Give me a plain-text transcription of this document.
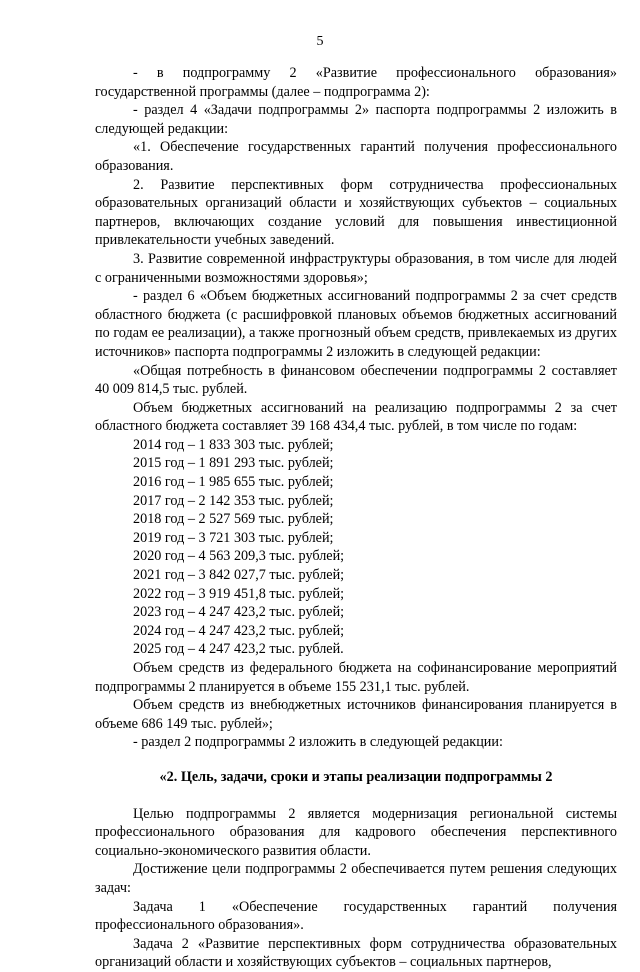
5

- в подпрограмму 2 «Развитие профессионального образования» государственной программы (далее – подпрограмма 2):

- раздел 4 «Задачи подпрограммы 2» паспорта подпрограммы 2 изложить в следующей редакции:

«1. Обеспечение государственных гарантий получения профессионального образования.

2. Развитие перспективных форм сотрудничества профессиональных образовательных организаций области и хозяйствующих субъектов – социальных партнеров, включающих создание условий для повышения инвестиционной привлекательности учебных заведений.

3. Развитие современной инфраструктуры образования, в том числе для людей с ограниченными возможностями здоровья»;

- раздел 6 «Объем бюджетных ассигнований подпрограммы 2 за счет средств областного бюджета (с расшифровкой плановых объемов бюджетных ассигнований по годам ее реализации), а также прогнозный объем средств, привлекаемых из других источников» паспорта подпрограммы 2 изложить в следующей редакции:

«Общая потребность в финансовом обеспечении подпрограммы 2 составляет 40 009 814,5 тыс. рублей.

Объем бюджетных ассигнований на реализацию подпрограммы 2 за счет областного бюджета составляет 39 168 434,4 тыс. рублей, в том числе по годам:

2014 год – 1 833 303 тыс. рублей;

2015 год – 1 891 293 тыс. рублей;

2016 год – 1 985 655 тыс. рублей;

2017 год – 2 142 353 тыс. рублей;

2018 год – 2 527 569 тыс. рублей;

2019 год – 3 721 303 тыс. рублей;

2020 год – 4 563 209,3 тыс. рублей;

2021 год – 3 842 027,7 тыс. рублей;

2022 год – 3 919 451,8 тыс. рублей;

2023 год – 4 247 423,2 тыс. рублей;

2024 год – 4 247 423,2 тыс. рублей;

2025 год – 4 247 423,2 тыс. рублей.

Объем средств из федерального бюджета на софинансирование мероприятий подпрограммы 2 планируется в объеме 155 231,1 тыс. рублей.

Объем средств из внебюджетных источников финансирования планируется в объеме 686 149 тыс. рублей»;

- раздел 2 подпрограммы 2 изложить в следующей редакции:

«2. Цель, задачи, сроки и этапы реализации подпрограммы 2

Целью подпрограммы 2 является модернизация региональной системы профессионального образования для кадрового обеспечения перспективного социально-экономического развития области.

Достижение цели подпрограммы 2 обеспечивается путем решения следующих задач:

Задача 1 «Обеспечение государственных гарантий получения профессионального образования».

Задача 2 «Развитие перспективных форм сотрудничества образовательных организаций области и хозяйствующих субъектов – социальных партнеров,
